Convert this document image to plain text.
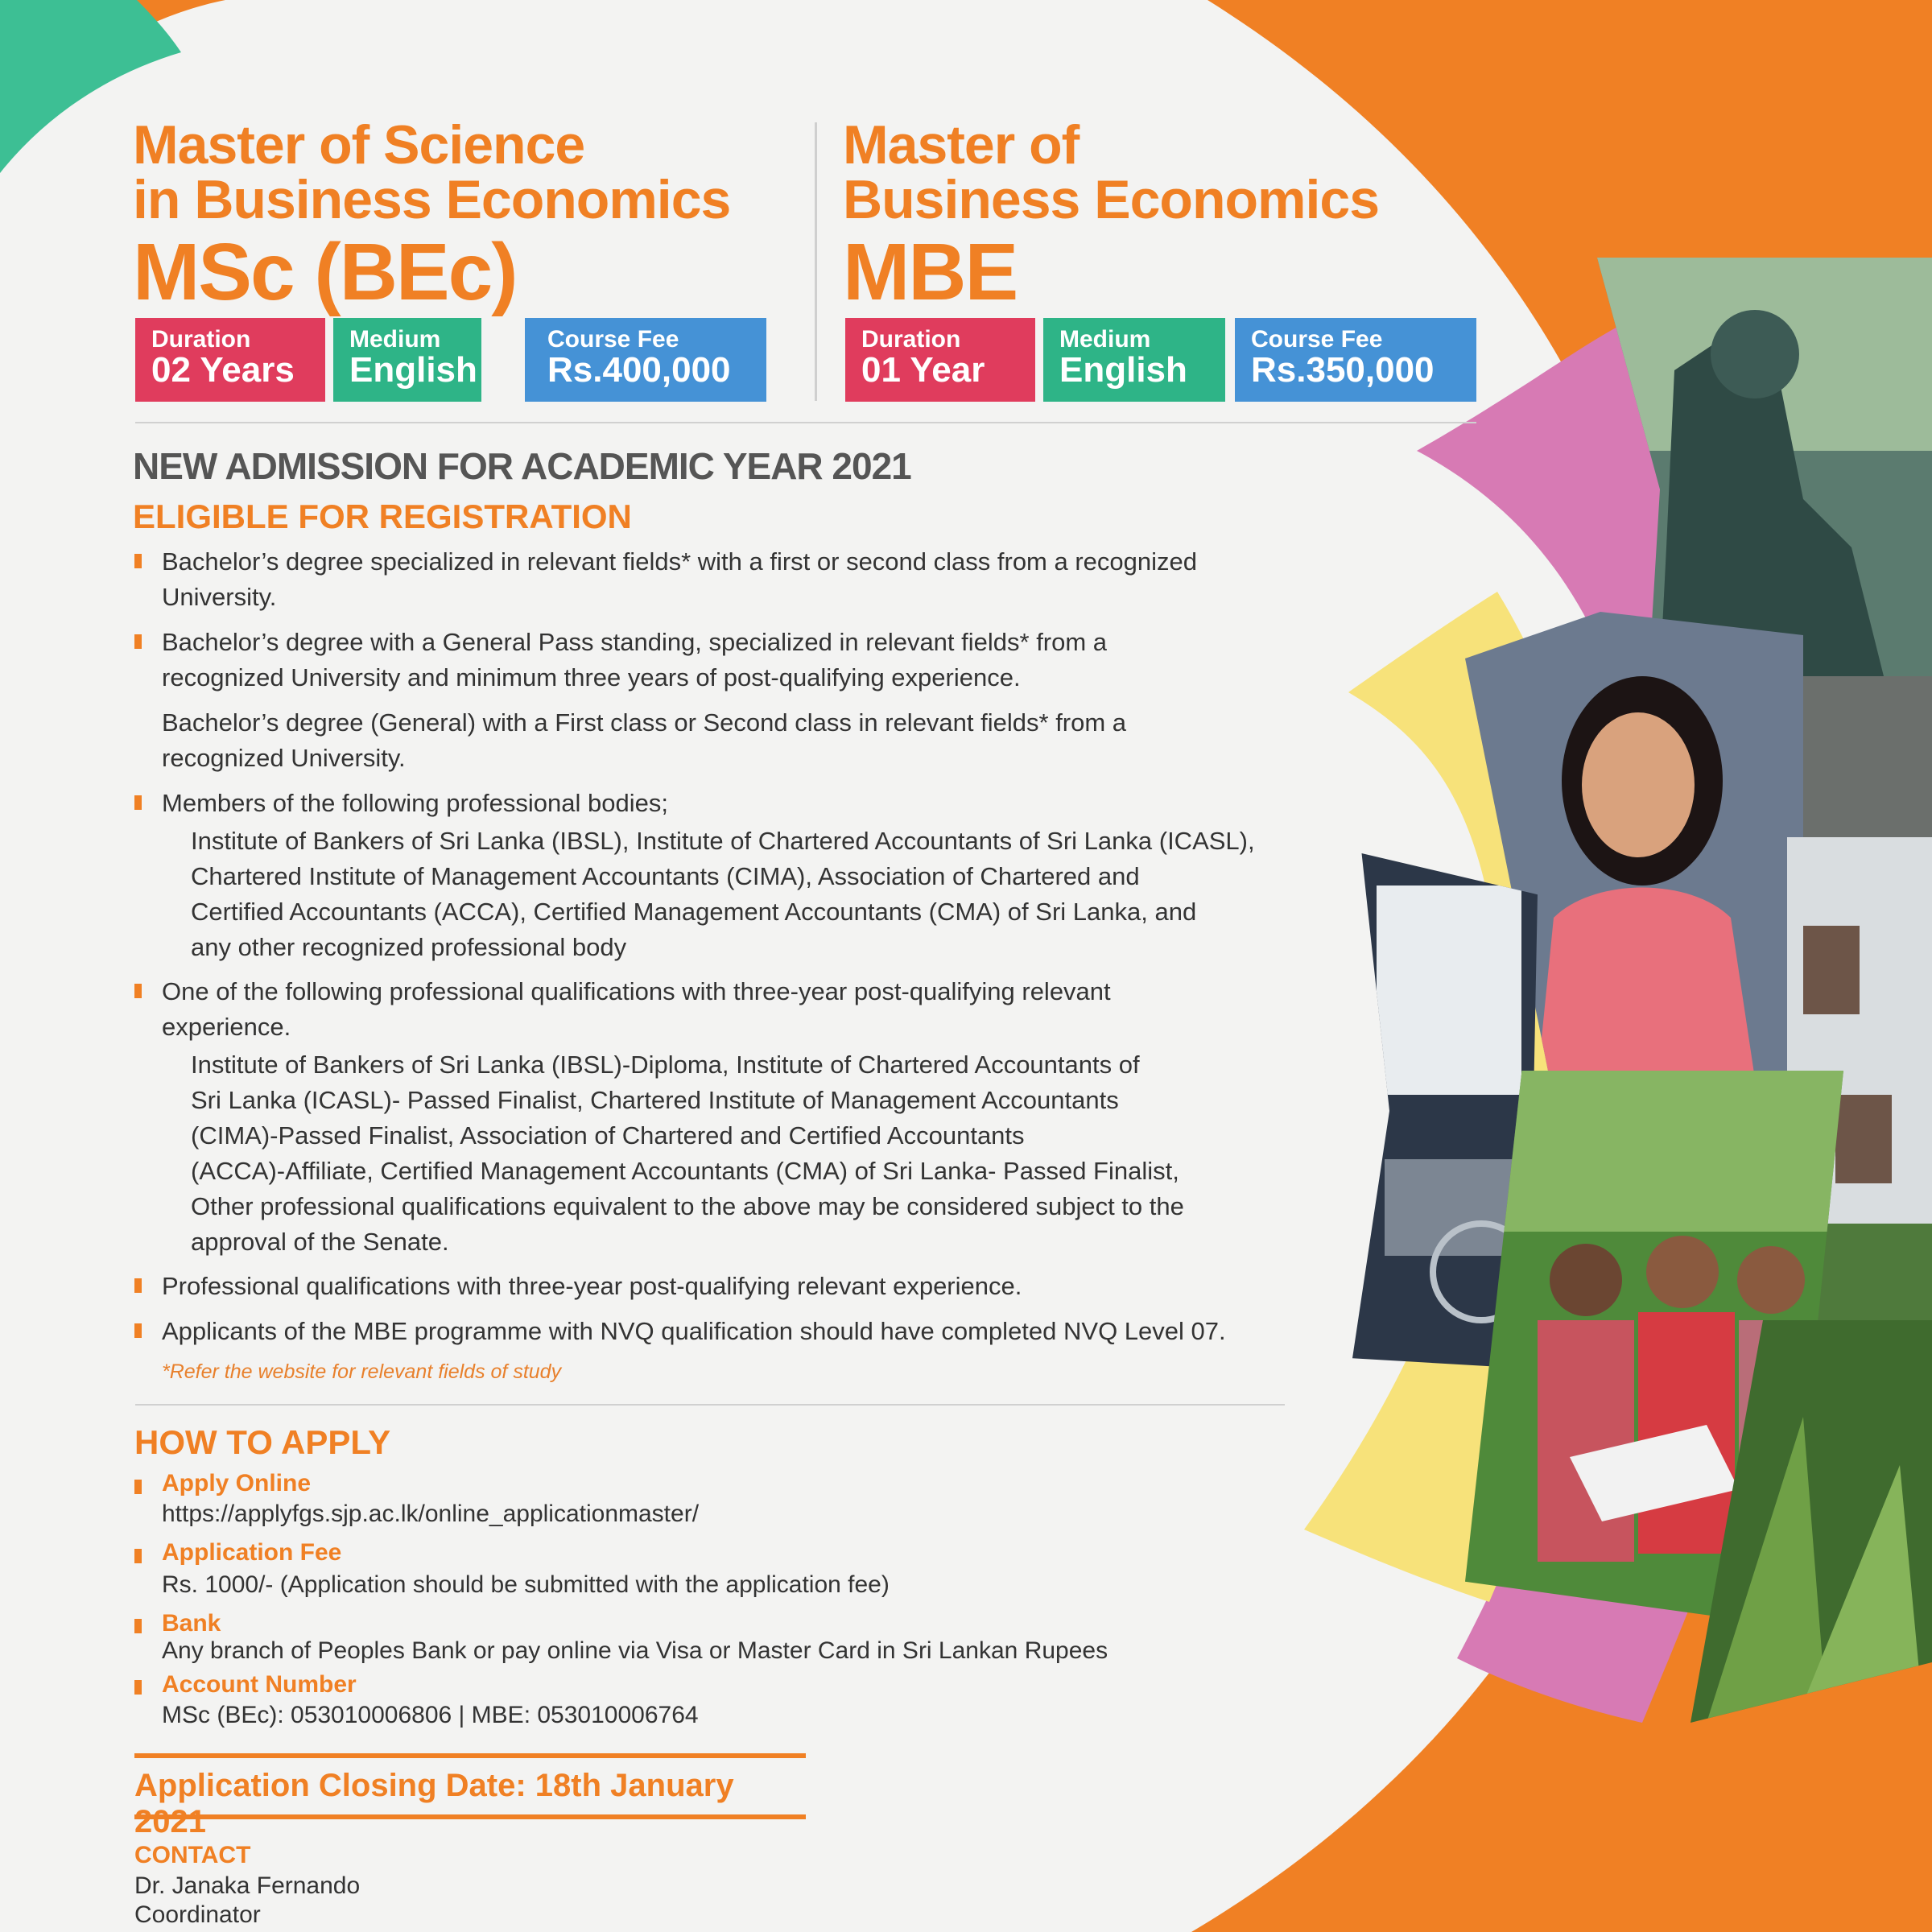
Master of Science
in Business Economics
MSc (BEc)
Duration
02 Years
Medium
English
Course Fee
Rs.400,000
Master of
Business Economics
MBE
Duration
01 Year
Medium
English
Course Fee
Rs.350,000
NEW ADMISSION FOR ACADEMIC YEAR 2021
ELIGIBLE FOR REGISTRATION
Bachelor’s degree specialized in relevant fields* with a first or second class from a recognized
University.
Bachelor’s degree with a General Pass standing, specialized in relevant fields* from a
recognized University and minimum three years of post-qualifying experience.
Bachelor’s degree (General) with a First class or Second class in relevant fields* from a
recognized University.
Members of the following professional bodies;
Institute of Bankers of Sri Lanka (IBSL), Institute of Chartered Accountants of Sri Lanka (ICASL),
Chartered Institute of Management Accountants (CIMA), Association of Chartered and
Certified Accountants (ACCA), Certified Management Accountants (CMA) of Sri Lanka, and
any other recognized professional body
One of the following professional qualifications with three-year post-qualifying relevant
experience.
Institute of Bankers of Sri Lanka (IBSL)-Diploma, Institute of Chartered Accountants of
Sri Lanka (ICASL)- Passed Finalist, Chartered Institute of Management Accountants
(CIMA)-Passed Finalist, Association of Chartered and Certified Accountants
(ACCA)-Affiliate, Certified Management Accountants (CMA) of Sri Lanka- Passed Finalist,
Other professional qualifications equivalent to the above may be considered subject to the
approval of the Senate.
Professional qualifications with three-year post-qualifying relevant experience.
Applicants of the MBE programme with NVQ qualification should have completed NVQ Level 07.
*Refer the website for relevant fields of study
HOW TO APPLY
Apply Online
https://applyfgs.sjp.ac.lk/online_applicationmaster/
Application Fee
Rs. 1000/- (Application should be submitted with the application fee)
Bank
Any branch of Peoples Bank or pay online via Visa or Master Card in Sri Lankan Rupees
Account Number
MSc (BEc): 053010006806 | MBE: 053010006764
Application Closing Date: 18th January 2021
CONTACT
Dr. Janaka Fernando
Coordinator
